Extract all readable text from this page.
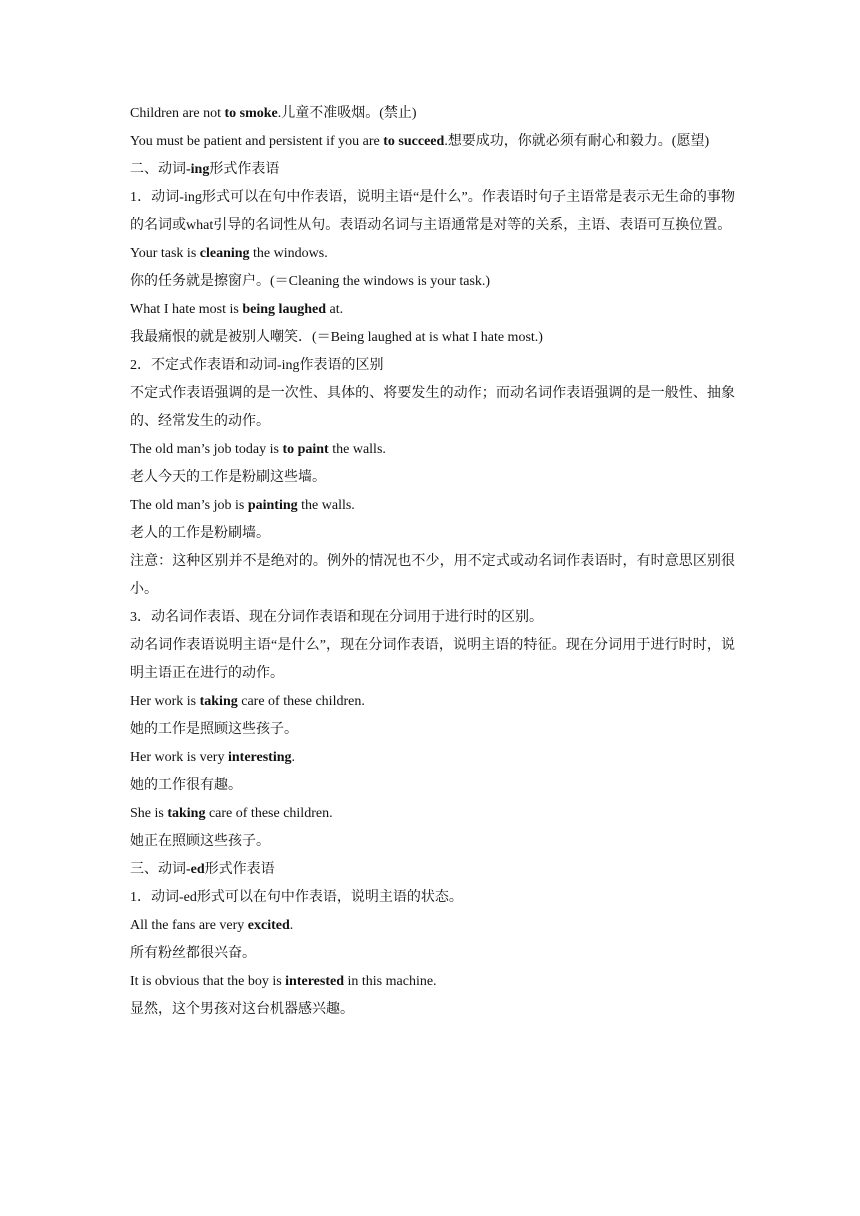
Children are not to smoke.儿童不准吸烟。(禁止)

You must be patient and persistent if you are to succeed.想要成功，你就必须有耐心和毅力。(愿望)

二、动词-ing形式作表语

1．动词-ing形式可以在句中作表语，说明主语“是什么”。作表语时句子主语常是表示无生命的事物的名词或what引导的名词性从句。表语动名词与主语通常是对等的关系，主语、表语可互换位置。

Your task is cleaning the windows.

你的任务就是擦窗户。(＝Cleaning the windows is your task.)

What I hate most is being laughed at.

我最痛恨的就是被别人嘲笑．(＝Being laughed at is what I hate most.)

2．不定式作表语和动词-ing作表语的区别

不定式作表语强调的是一次性、具体的、将要发生的动作；而动名词作表语强调的是一般性、抽象的、经常发生的动作。

The old man’s job today is to paint the walls.

老人今天的工作是粉刷这些墙。

The old man’s job is painting the walls.

老人的工作是粉刷墙。

注意：这种区别并不是绝对的。例外的情况也不少，用不定式或动名词作表语时，有时意思区别很小。

3．动名词作表语、现在分词作表语和现在分词用于进行时的区别。

动名词作表语说明主语“是什么”，现在分词作表语，说明主语的特征。现在分词用于进行时时，说明主语正在进行的动作。

Her work is taking care of these children.

她的工作是照顾这些孩子。

Her work is very interesting.

她的工作很有趣。

She is taking care of these children.

她正在照顾这些孩子。

三、动词-ed形式作表语

1．动词-ed形式可以在句中作表语，说明主语的状态。

All the fans are very excited.

所有粉丝都很兴奋。

It is obvious that the boy is interested in this machine.

显然，这个男孩对这台机器感兴趣。
